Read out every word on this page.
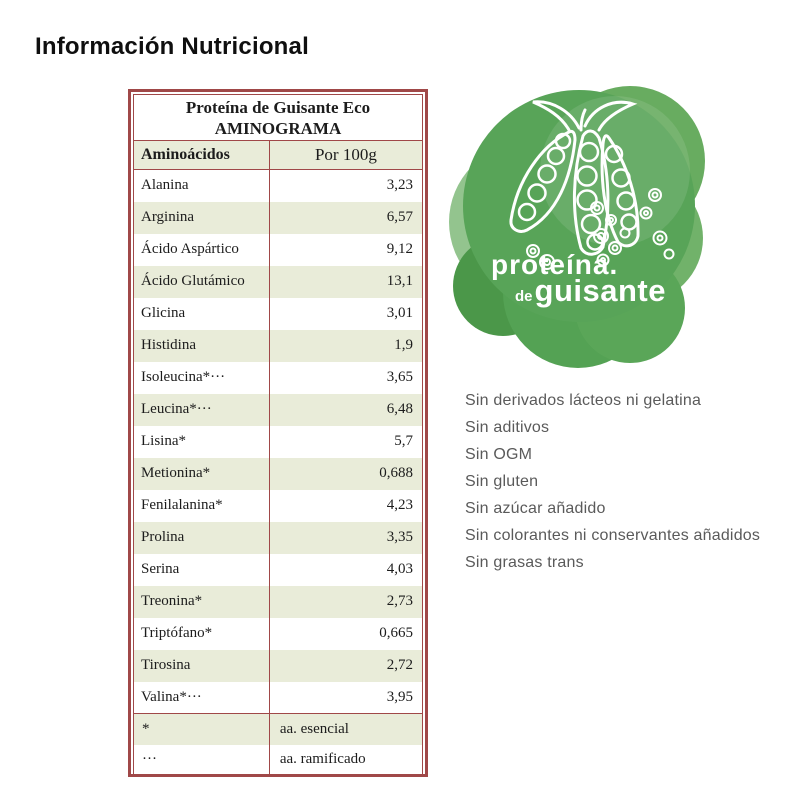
Información Nutricional
Proteína de Guisante Eco
AMINOGRAMA	
Aminoácidos	Por 100g
Alanina	3,23
Arginina	6,57
Ácido Aspártico	9,12
Ácido Glutámico	13,1
Glicina	3,01
Histidina	1,9
Isoleucina*···	3,65
Leucina*···	6,48
Lisina*	5,7
Metionina*	0,688
Fenilalanina*	4,23
Prolina	3,35
Serina	4,03
Treonina*	2,73
Triptófano*	0,665
Tirosina	2,72
Valina*···	3,95
*	aa. esencial
···	aa. ramificado
proteína.
de guisante
Sin derivados lácteos ni gelatina
Sin aditivos
Sin OGM
Sin gluten
Sin azúcar añadido
Sin colorantes ni conservantes añadidos
Sin grasas trans
